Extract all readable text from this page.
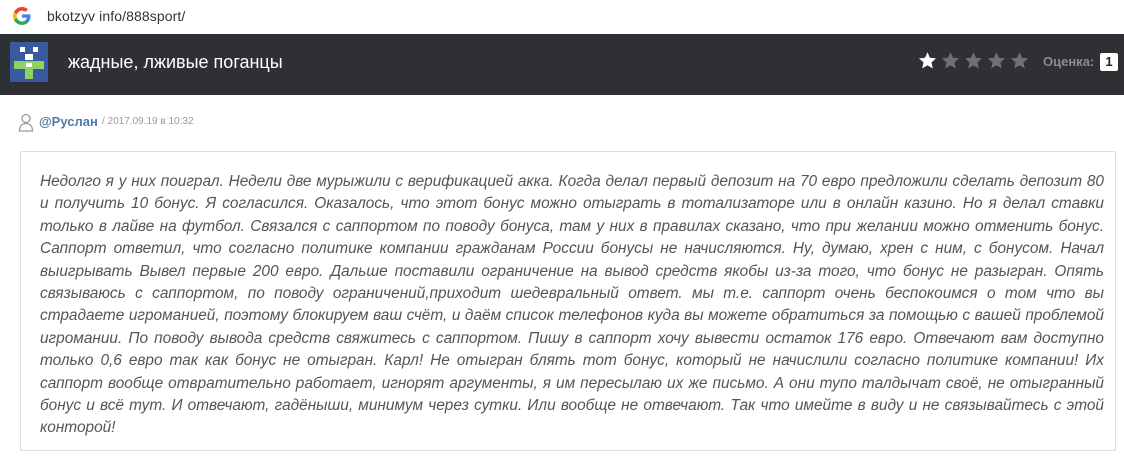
bkotzyv info/888sport/
жадные, лживые поганцы	Оценка: 1
@Руслан / 2017.09.19 в 10:32

Недолго я у них поиграл. Недели две мурыжили с верификацией акка. Когда делал первый депозит на 70 евро предложили сделать депозит 80 и получить 10 бонус. Я согласился. Оказалось, что этот бонус можно отыграть в тотализаторе или в онлайн казино. Но я делал ставки только в лайве на футбол. Связался с саппортом по поводу бонуса, там у них в правилах сказано, что при желании можно отменить бонус. Саппорт ответил, что согласно политике компании гражданам России бонусы не начисляются. Ну, думаю, хрен с ним, с бонусом. Начал выигрывать Вывел первые 200 евро. Дальше поставили ограничение на вывод средств якобы из-за того, что бонус не разыгран. Опять связываюсь с саппортом, по поводу ограничений,приходит шедевральный ответ. мы т.е. саппорт очень беспокоимся о том что вы страдаете игроманией, поэтому блокируем ваш счёт, и даём список телефонов куда вы можете обратиться за помощью с вашей проблемой игромании. По поводу вывода средств свяжитесь с саппортом. Пишу в саппорт хочу вывести остаток 176 евро. Отвечают вам доступно только 0,6 евро так как бонус не отыгран. Карл! Не отыгран блять тот бонус, который не начислили согласно политике компании! Их саппорт вообще отвратительно работает, игнорят аргументы, я им пересылаю их же письмо. А они тупо талдычат своё, не отыгранный бонус и всё тут. И отвечают, гадёныши, минимум через сутки. Или вообще не отвечают. Так что имейте в виду и не связывайтесь с этой конторой!
